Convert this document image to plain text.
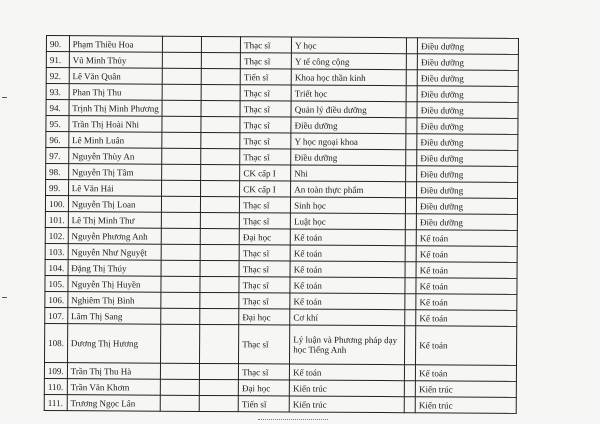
90.	Phạm Thiều Hoa			Thạc sĩ	Y học		Điều dưỡng
91.	Vũ Minh Thủy			Thạc sĩ	Y tế công cộng		Điều dưỡng
92.	Lê Văn Quân			Tiến sĩ	Khoa học thần kinh		Điều dưỡng
93.	Phan Thị Thu			Thạc sĩ	Triết học		Điều dưỡng
94.	Trịnh Thị Minh Phương			Thạc sĩ	Quản lý điều dưỡng		Điều dưỡng
95.	Trần Thị Hoài Nhi			Thạc sĩ	Điều dưỡng		Điều dưỡng
96.	Lê Minh Luân			Thạc sĩ	Y học ngoại khoa		Điều dưỡng
97.	Nguyễn Thùy An			Thạc sĩ	Điều dưỡng		Điều dưỡng
98.	Nguyễn Thị Tâm			CK cấp I	Nhi		Điều dưỡng
99.	Lê Văn Hải			CK cấp I	An toàn thực phẩm		Điều dưỡng
100.	Nguyễn Thị Loan			Thạc sĩ	Sinh học		Điều dưỡng
101.	Lê Thị Minh Thư			Thạc sĩ	Luật học		Điều dưỡng
102.	Nguyễn Phương Anh			Đại học	Kế toán		Kế toán
103.	Nguyễn Như Nguyệt			Thạc sĩ	Kế toán		Kế toán
104.	Đặng Thị Thúy			Thạc sĩ	Kế toán		Kế toán
105.	Nguyễn Thị Huyền			Thạc sĩ	Kế toán		Kế toán
106.	Nghiêm Thị Bình			Thạc sĩ	Kế toán		Kế toán
107.	Lâm Thị Sang			Đại học	Cơ khí		Kế toán
108.	Dương Thị Hương			Thạc sĩ	Lý luận và Phương pháp dạy học Tiếng Anh		Kế toán
109.	Trần Thị Thu Hà			Thạc sĩ	Kế toán		Kế toán
110.	Trần Văn Khơm			Đại học	Kiến trúc		Kiến trúc
111.	Trương Ngọc Lân			Tiến sĩ	Kiến trúc		Kiến trúc
